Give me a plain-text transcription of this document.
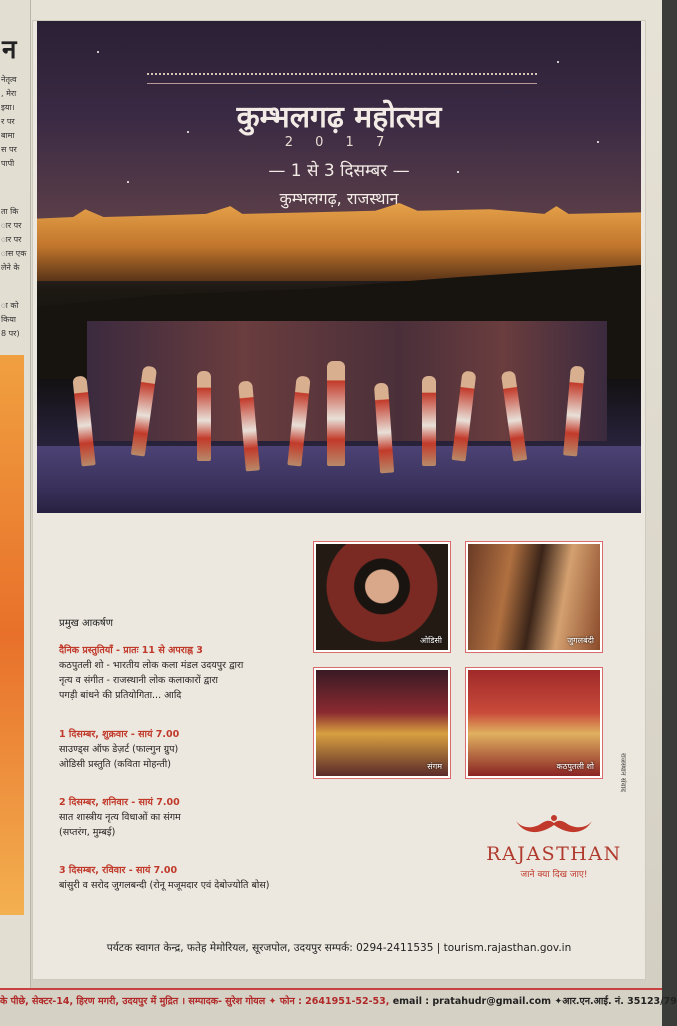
न
नेतृत्व
, मेरा
इया।
र पर
बामा
स पर
पापी
ता कि
ार पर
ार पर
ास एक
लेने के
ा को
किया
8 पर)
कुम्भलगढ़ महोत्सव
2 0 1 7
— 1 से 3 दिसम्बर —
कुम्भलगढ़, राजस्थान
ओडिसी	जुगलबंदी
संगम	कठपुतली शो
प्रमुख आकर्षण
दैनिक प्रस्तुतियाँ - प्रातः 11 से अपराह्न 3
कठपुतली शो - भारतीय लोक कला मंडल उदयपुर द्वारा
नृत्य व संगीत - राजस्थानी लोक कलाकारों द्वारा
पगड़ी बांधने की प्रतियोगिता... आदि
1 दिसम्बर, शुक्रवार - सायं 7.00
साउण्ड्स ऑफ डेज़र्ट (फाल्गुन ग्रुप)
ओडिसी प्रस्तुति (कविता मोहन्ती)
2 दिसम्बर, शनिवार - सायं 7.00
सात शास्त्रीय नृत्य विधाओं का संगम
(सप्तरंग, मुम्बई)
3 दिसम्बर, रविवार - सायं 7.00
बांसुरी व सरोद जुगलबन्दी (रोनू मजूमदार एवं देबोज्योति बोस)
RAJASTHAN
जाने क्या दिख जाए!
राजस्थान संवाद
पर्यटक स्वागत केन्द्र, फतेह मेमोरियल, सूरजपोल, उदयपुर सम्पर्क: 0294-2411535 | tourism.rajasthan.gov.in
के पीछे, सेक्टर-14, हिरण मगरी, उदयपुर में मुद्रित । सम्पादक- सुरेश गोयल ✦ फोन : 2641951-52-53, email : pratahudr@gmail.com ✦आर.एन.आई. नं. 35123/79
